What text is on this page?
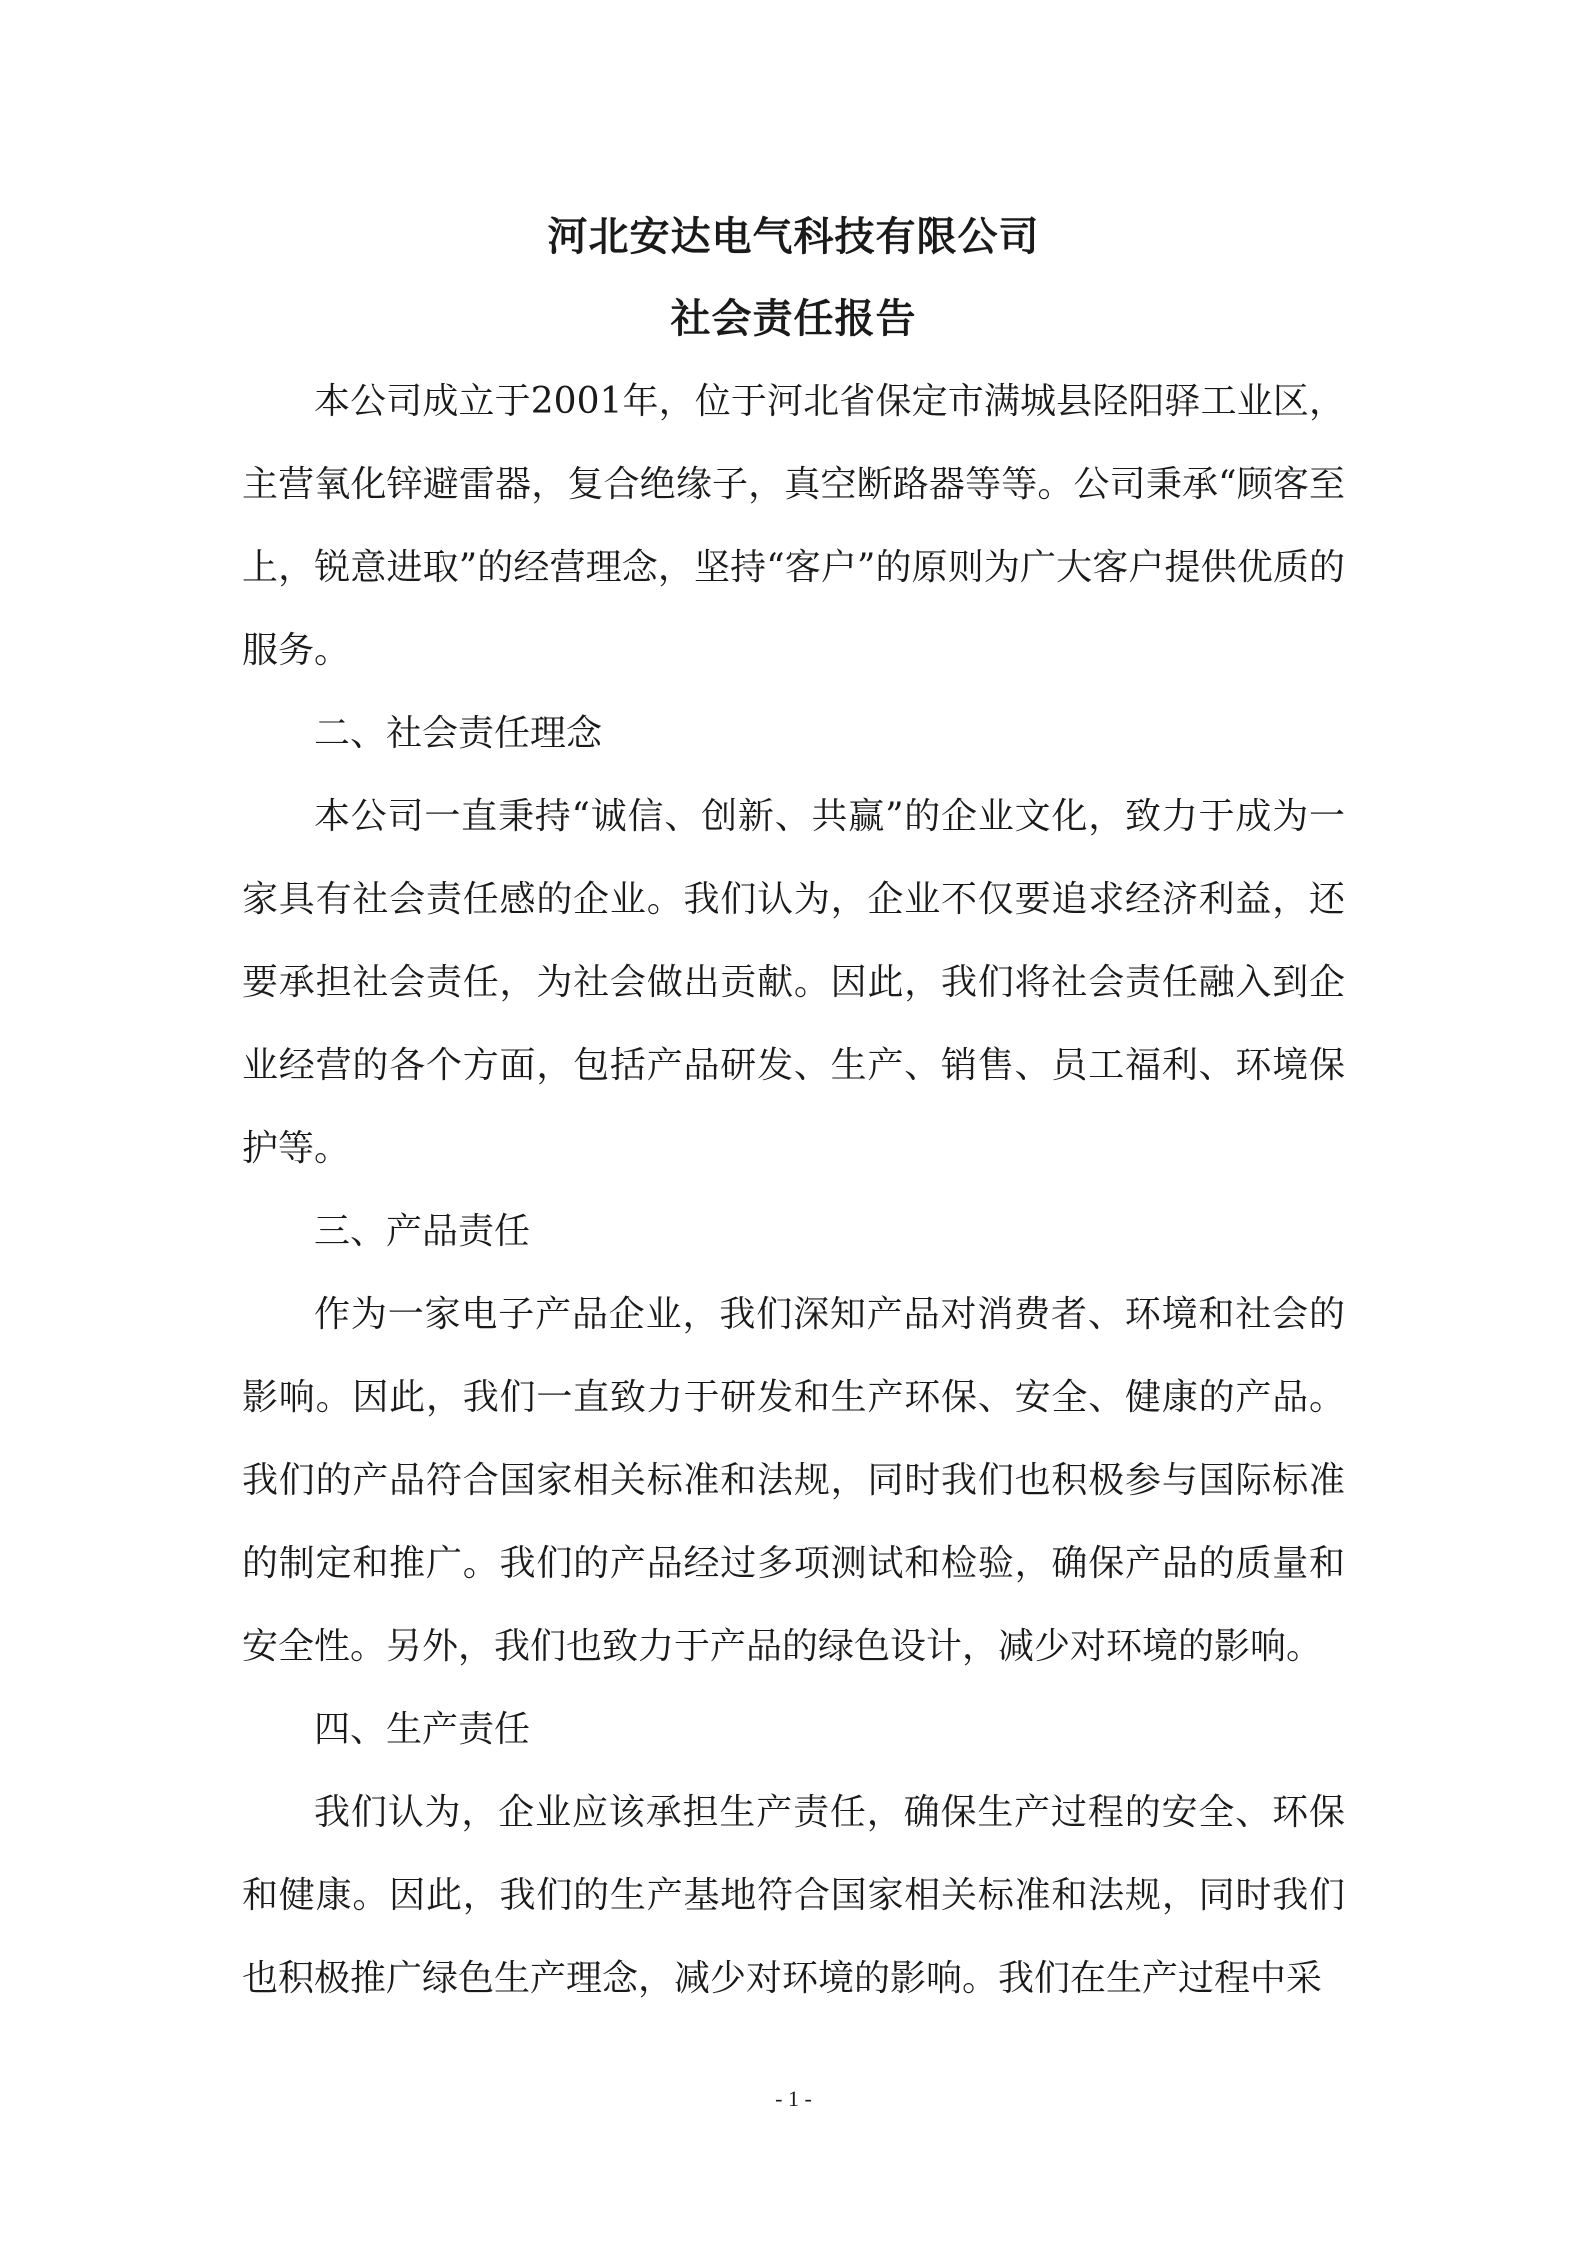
河北安达电气科技有限公司
社会责任报告

本公司成立于2001年，位于河北省保定市满城县陉阳驿工业区，主营氧化锌避雷器，复合绝缘子，真空断路器等等。公司秉承“顾客至上，锐意进取”的经营理念，坚持“客户”的原则为广大客户提供优质的服务。

二、社会责任理念

本公司一直秉持“诚信、创新、共赢”的企业文化，致力于成为一家具有社会责任感的企业。我们认为，企业不仅要追求经济利益，还要承担社会责任，为社会做出贡献。因此，我们将社会责任融入到企业经营的各个方面，包括产品研发、生产、销售、员工福利、环境保护等。

三、产品责任

作为一家电子产品企业，我们深知产品对消费者、环境和社会的影响。因此，我们一直致力于研发和生产环保、安全、健康的产品。我们的产品符合国家相关标准和法规，同时我们也积极参与国际标准的制定和推广。我们的产品经过多项测试和检验，确保产品的质量和安全性。另外，我们也致力于产品的绿色设计，减少对环境的影响。

四、生产责任

我们认为，企业应该承担生产责任，确保生产过程的安全、环保和健康。因此，我们的生产基地符合国家相关标准和法规，同时我们也积极推广绿色生产理念，减少对环境的影响。我们在生产过程中采

- 1 -
